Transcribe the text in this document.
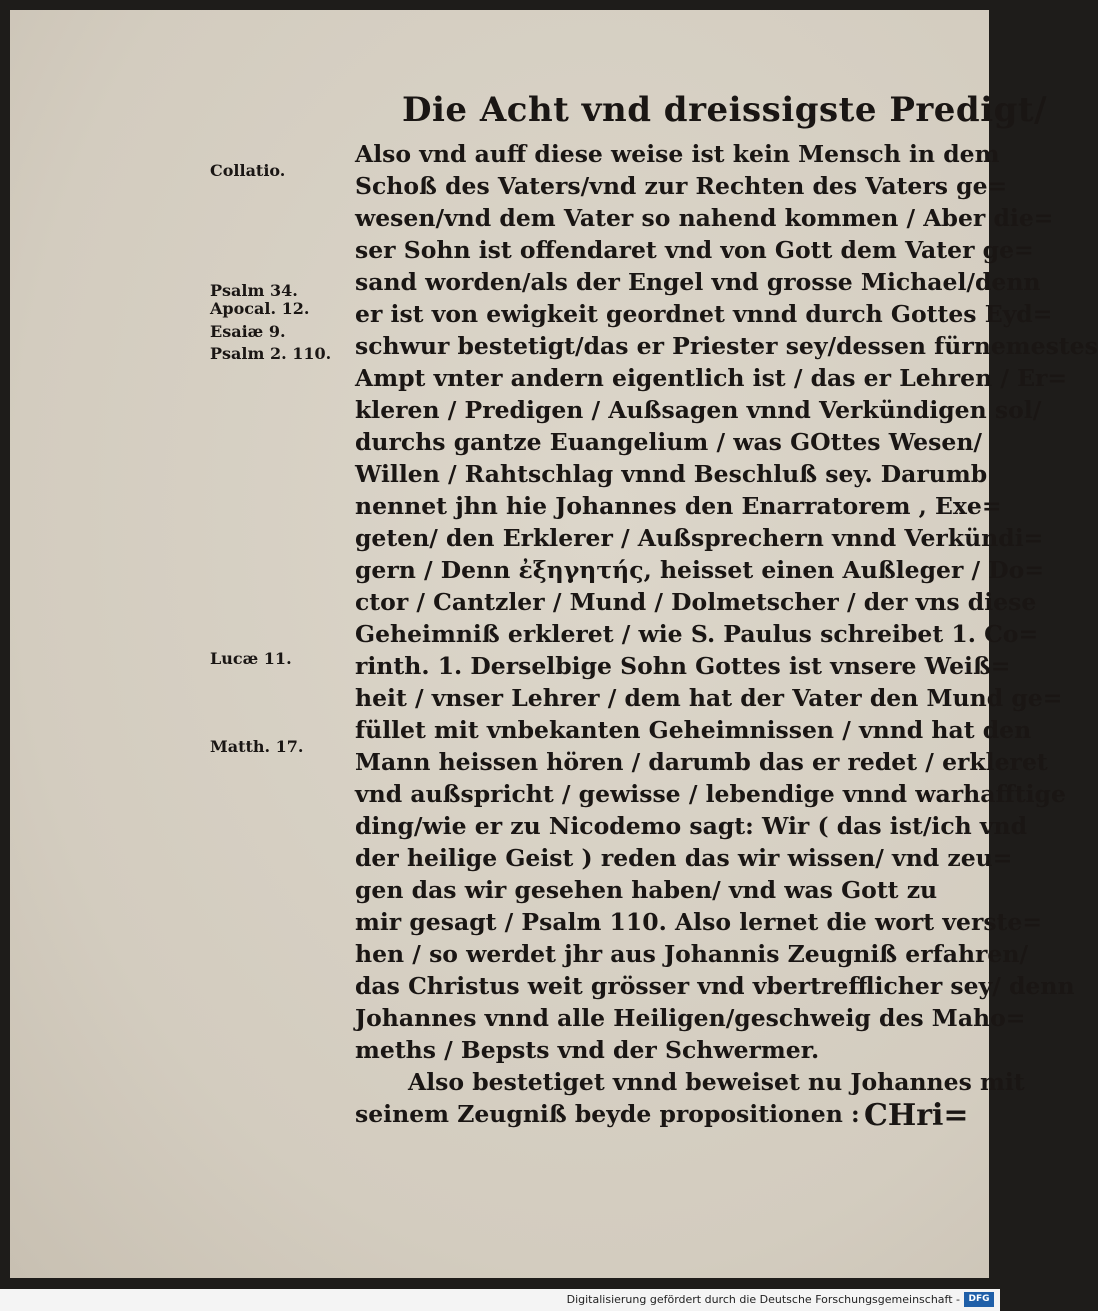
Die Acht vnd dreissigste Predigt/
Collatio.
Psalm 34.
Apocal. 12.
Esaiæ 9.
Psalm 2. 110.
Lucæ 11.
Matth. 17.
Also vnd auff diese weise ist kein Mensch in dem
Schoß des Vaters/vnd zur Rechten des Vaters ge=
wesen/vnd dem Vater so nahend kommen / Aber die=
ser Sohn ist offendaret vnd von Gott dem Vater ge=
sand worden/als der Engel vnd grosse Michael/denn
er ist von ewigkeit geordnet vnnd durch Gottes Eyd=
schwur bestetigt/das er Priester sey/dessen fürnemestes
Ampt vnter andern eigentlich ist / das er Lehren / Er=
kleren / Predigen / Außsagen vnnd Verkündigen sol/
durchs gantze Euangelium / was GOttes Wesen/
Willen / Rahtschlag vnnd Beschluß sey. Darumb
nennet jhn hie Johannes den Enarratorem , Exe=
geten/ den Erklerer / Außsprechern vnnd Verkündi=
gern / Denn ἐξηγητής, heisset einen Außleger / Do=
ctor / Cantzler / Mund / Dolmetscher / der vns diese
Geheimniß erkleret / wie S. Paulus schreibet 1. Co=
rinth. 1. Derselbige Sohn Gottes ist vnsere Weiß=
heit / vnser Lehrer / dem hat der Vater den Mund ge=
füllet mit vnbekanten Geheimnissen / vnnd hat den
Mann heissen hören / darumb das er redet / erkleret
vnd außspricht / gewisse / lebendige vnnd warhafftige
ding/wie er zu Nicodemo sagt: Wir ( das ist/ich vnd
der heilige Geist ) reden das wir wissen/ vnd zeu=
gen das wir gesehen haben/ vnd was Gott zu
mir gesagt / Psalm 110. Also lernet die wort verste=
hen / so werdet jhr aus Johannis Zeugniß erfahren/
das Christus weit grösser vnd vbertrefflicher sey/ denn
Johannes vnnd alle Heiligen/geschweig des Maho=
meths / Bepsts vnd der Schwermer.
Also bestetiget vnnd beweiset nu Johannes mit
seinem Zeugniß beyde propositionen : CHri=
Digitalisierung gefördert durch die Deutsche Forschungsgemeinschaft - DFG
